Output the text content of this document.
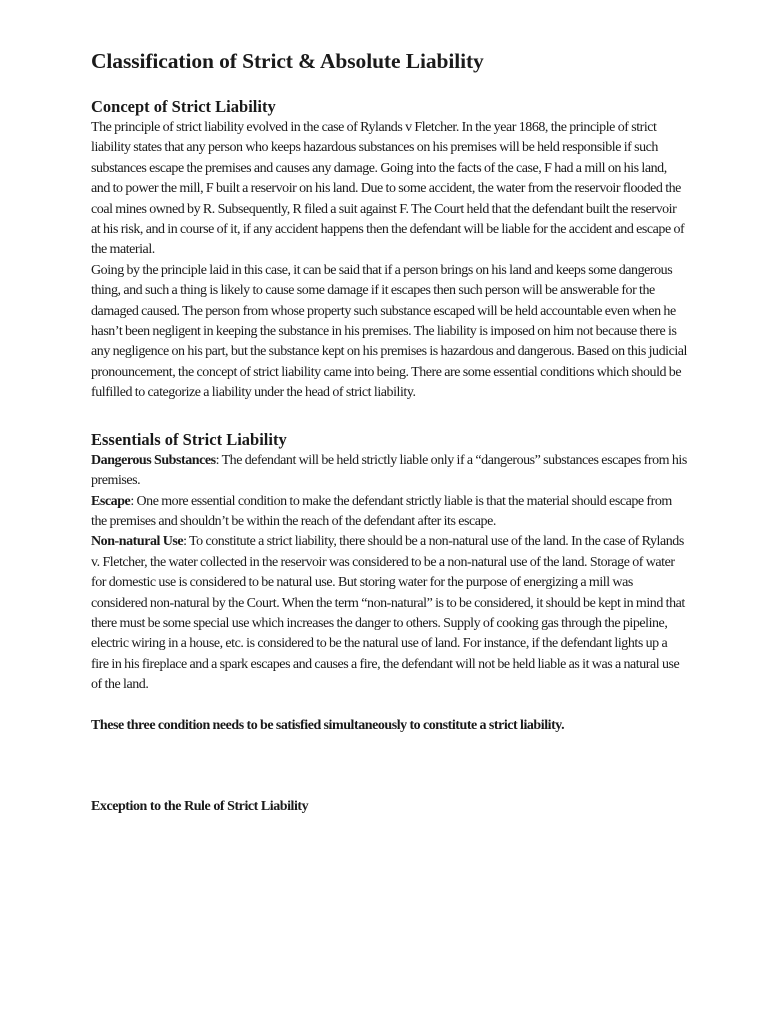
Classification of Strict & Absolute Liability
Concept of Strict Liability

The principle of strict liability evolved in the case of Rylands v Fletcher. In the year 1868, the principle of strict liability states that any person who keeps hazardous substances on his premises will be held responsible if such substances escape the premises and causes any damage. Going into the facts of the case, F had a mill on his land, and to power the mill, F built a reservoir on his land. Due to some accident, the water from the reservoir flooded the coal mines owned by R. Subsequently, R filed a suit against F. The Court held that the defendant built the reservoir at his risk, and in course of it, if any accident happens then the defendant will be liable for the accident and escape of the material.

Going by the principle laid in this case, it can be said that if a person brings on his land and keeps some dangerous thing, and such a thing is likely to cause some damage if it escapes then such person will be answerable for the damaged caused. The person from whose property such substance escaped will be held accountable even when he hasn’t been negligent in keeping the substance in his premises. The liability is imposed on him not because there is any negligence on his part, but the substance kept on his premises is hazardous and dangerous. Based on this judicial pronouncement, the concept of strict liability came into being. There are some essential conditions which should be fulfilled to categorize a liability under the head of strict liability.

Essentials of Strict Liability

Dangerous Substances: The defendant will be held strictly liable only if a “dangerous” substances escapes from his premises.

Escape: One more essential condition to make the defendant strictly liable is that the material should escape from the premises and shouldn’t be within the reach of the defendant after its escape.

Non-natural Use: To constitute a strict liability, there should be a non-natural use of the land. In the case of Rylands v. Fletcher, the water collected in the reservoir was considered to be a non-natural use of the land. Storage of water for domestic use is considered to be natural use. But storing water for the purpose of energizing a mill was considered non-natural by the Court. When the term “non-natural” is to be considered, it should be kept in mind that there must be some special use which increases the danger to others. Supply of cooking gas through the pipeline, electric wiring in a house, etc. is considered to be the natural use of land. For instance, if the defendant lights up a fire in his fireplace and a spark escapes and causes a fire, the defendant will not be held liable as it was a natural use of the land.

These three condition needs to be satisfied simultaneously to constitute a strict liability.

Exception to the Rule of Strict Liability
